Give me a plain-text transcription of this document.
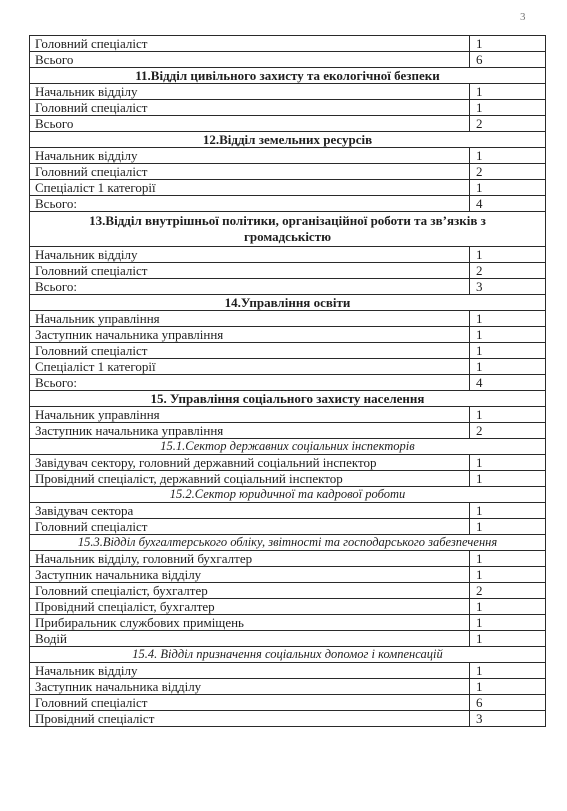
3
Головний спеціаліст	1
Всього	6
11.Відділ цивільного захисту та екологічної безпеки	
Начальник відділу	1
Головний спеціаліст	1
Всього	2
12.Відділ земельних ресурсів	
Начальник відділу	1
Головний спеціаліст	2
Спеціаліст 1 категорії	1
Всього:	4
13.Відділ внутрішньої політики, організаційної роботи та зв’язків з громадськістю	
Начальник відділу	1
Головний спеціаліст	2
Всього:	3
14.Управління освіти	
Начальник управління	1
Заступник начальника управління	1
Головний спеціаліст	1
Спеціаліст 1 категорії	1
Всього:	4
15. Управління соціального захисту населення	
Начальник управління	1
Заступник начальника управління	2
15.1.Сектор державних соціальних інспекторів	
Завідувач сектору, головний державний соціальний інспектор	1
Провідний спеціаліст, державний соціальний інспектор	1
15.2.Сектор юридичної та кадрової роботи	
Завідувач сектора	1
Головний спеціаліст	1
15.3.Відділ бухгалтерського обліку, звітності та господарського забезпечення	
Начальник відділу, головний бухгалтер	1
Заступник начальника відділу	1
Головний спеціаліст, бухгалтер	2
Провідний спеціаліст, бухгалтер	1
Прибиральник службових приміщень	1
Водій	1
15.4. Відділ призначення соціальних допомог і компенсацій	
Начальник відділу	1
Заступник начальника відділу	1
Головний спеціаліст	6
Провідний спеціаліст	3
